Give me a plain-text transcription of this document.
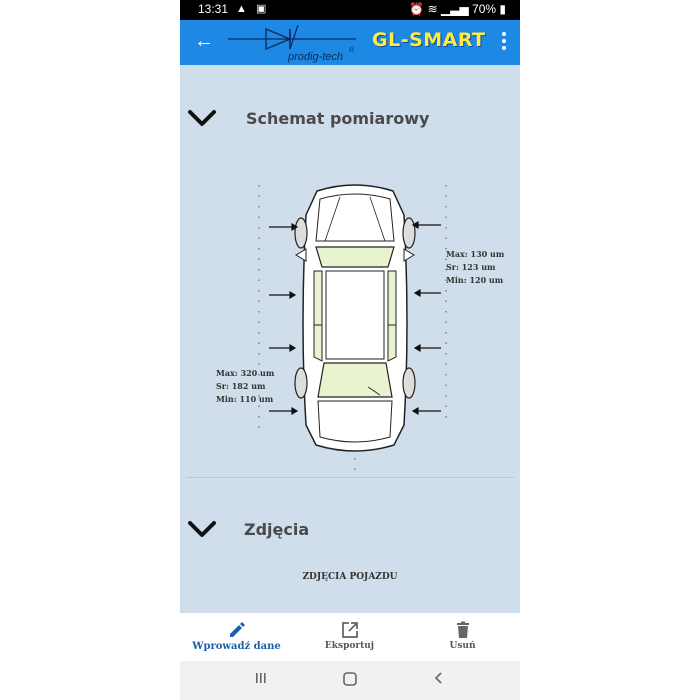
13:31 ▲ ▣	⏰ ≋ ▁▃▅ 70% ▮
←
prodig-tech
® GL-SMART
Schemat pomiarowy
Max: 130 um
Sr: 123 um
Min: 120 um
Max: 320 um
Sr: 182 um
Min: 110 um
Zdjęcia
ZDJĘCIA POJAZDU
Wprowadź dane	Eksportuj	Usuń
